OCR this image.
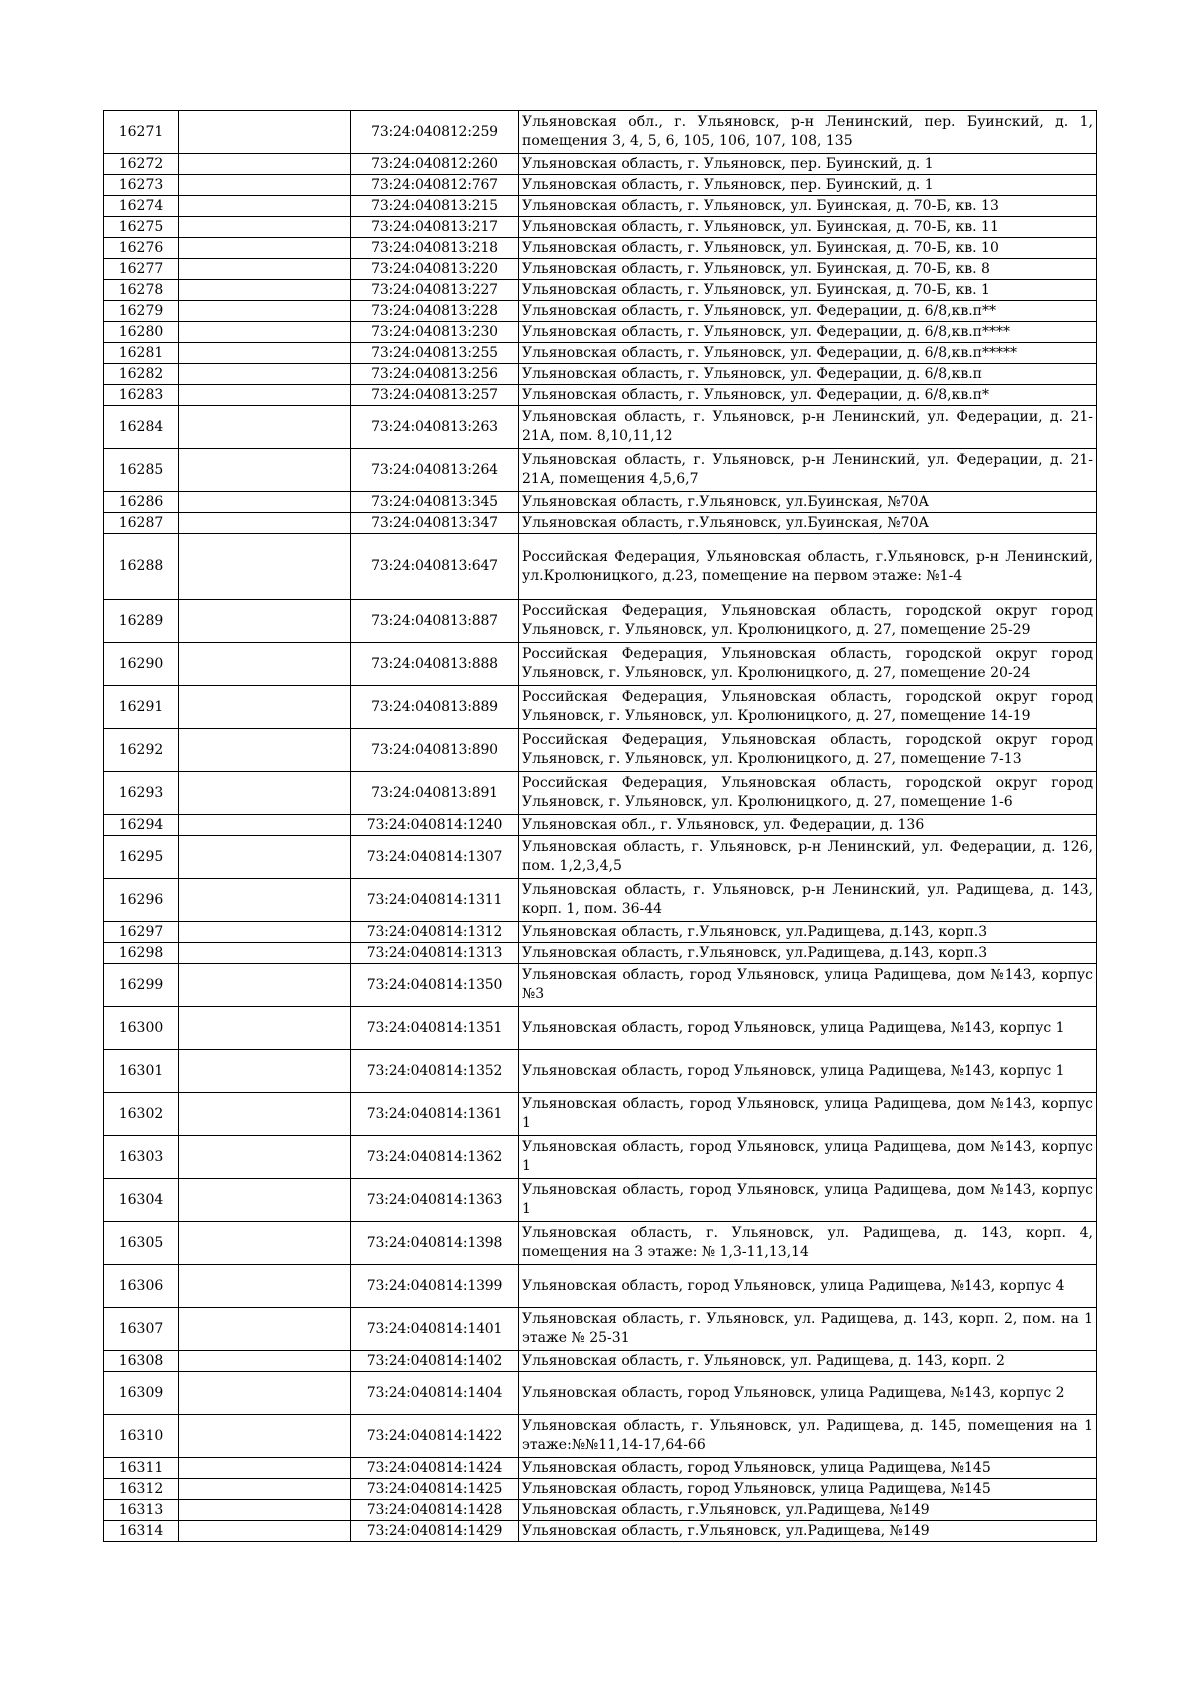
16271		73:24:040812:259	Ульяновская обл., г. Ульяновск, р-н Ленинский, пер. Буинский, д. 1, помещения 3, 4, 5, 6, 105, 106, 107, 108, 135
16272		73:24:040812:260	Ульяновская область, г. Ульяновск, пер. Буинский, д. 1
16273		73:24:040812:767	Ульяновская область, г. Ульяновск, пер. Буинский, д. 1
16274		73:24:040813:215	Ульяновская область, г. Ульяновск, ул. Буинская, д. 70-Б, кв. 13
16275		73:24:040813:217	Ульяновская область, г. Ульяновск, ул. Буинская, д. 70-Б, кв. 11
16276		73:24:040813:218	Ульяновская область, г. Ульяновск, ул. Буинская, д. 70-Б, кв. 10
16277		73:24:040813:220	Ульяновская область, г. Ульяновск, ул. Буинская, д. 70-Б, кв. 8
16278		73:24:040813:227	Ульяновская область, г. Ульяновск, ул. Буинская, д. 70-Б, кв. 1
16279		73:24:040813:228	Ульяновская область, г. Ульяновск, ул. Федерации, д. 6/8,кв.п**
16280		73:24:040813:230	Ульяновская область, г. Ульяновск, ул. Федерации, д. 6/8,кв.п****
16281		73:24:040813:255	Ульяновская область, г. Ульяновск, ул. Федерации, д. 6/8,кв.п*****
16282		73:24:040813:256	Ульяновская область, г. Ульяновск, ул. Федерации, д. 6/8,кв.п
16283		73:24:040813:257	Ульяновская область, г. Ульяновск, ул. Федерации, д. 6/8,кв.п*
16284		73:24:040813:263	Ульяновская область, г. Ульяновск, р-н Ленинский, ул. Федерации, д. 21-21А, пом. 8,10,11,12
16285		73:24:040813:264	Ульяновская область, г. Ульяновск, р-н Ленинский, ул. Федерации, д. 21-21А, помещения 4,5,6,7
16286		73:24:040813:345	Ульяновская область, г.Ульяновск, ул.Буинская, №70А
16287		73:24:040813:347	Ульяновская область, г.Ульяновск, ул.Буинская, №70А
16288		73:24:040813:647	Российская Федерация, Ульяновская область, г.Ульяновск, р-н Ленинский, ул.Кролюницкого, д.23, помещение на первом этаже: №1-4
16289		73:24:040813:887	Российская Федерация, Ульяновская область, городской округ город Ульяновск, г. Ульяновск, ул. Кролюницкого, д. 27, помещение 25-29
16290		73:24:040813:888	Российская Федерация, Ульяновская область, городской округ город Ульяновск, г. Ульяновск, ул. Кролюницкого, д. 27, помещение 20-24
16291		73:24:040813:889	Российская Федерация, Ульяновская область, городской округ город Ульяновск, г. Ульяновск, ул. Кролюницкого, д. 27, помещение 14-19
16292		73:24:040813:890	Российская Федерация, Ульяновская область, городской округ город Ульяновск, г. Ульяновск, ул. Кролюницкого, д. 27, помещение 7-13
16293		73:24:040813:891	Российская Федерация, Ульяновская область, городской округ город Ульяновск, г. Ульяновск, ул. Кролюницкого, д. 27, помещение 1-6
16294		73:24:040814:1240	Ульяновская обл., г. Ульяновск, ул. Федерации, д. 136
16295		73:24:040814:1307	Ульяновская область, г. Ульяновск, р-н Ленинский, ул. Федерации, д. 126, пом. 1,2,3,4,5
16296		73:24:040814:1311	Ульяновская область, г. Ульяновск, р-н Ленинский, ул. Радищева, д. 143, корп. 1, пом. 36-44
16297		73:24:040814:1312	Ульяновская область, г.Ульяновск, ул.Радищева, д.143, корп.3
16298		73:24:040814:1313	Ульяновская область, г.Ульяновск, ул.Радищева, д.143, корп.3
16299		73:24:040814:1350	Ульяновская область, город Ульяновск, улица Радищева, дом №143, корпус №3
16300		73:24:040814:1351	Ульяновская область, город Ульяновск, улица Радищева, №143, корпус 1
16301		73:24:040814:1352	Ульяновская область, город Ульяновск, улица Радищева, №143, корпус 1
16302		73:24:040814:1361	Ульяновская область, город Ульяновск, улица Радищева, дом №143, корпус 1
16303		73:24:040814:1362	Ульяновская область, город Ульяновск, улица Радищева, дом №143, корпус 1
16304		73:24:040814:1363	Ульяновская область, город Ульяновск, улица Радищева, дом №143, корпус 1
16305		73:24:040814:1398	Ульяновская область, г. Ульяновск, ул. Радищева, д. 143, корп. 4, помещения на 3 этаже: № 1,3-11,13,14
16306		73:24:040814:1399	Ульяновская область, город Ульяновск, улица Радищева, №143, корпус 4
16307		73:24:040814:1401	Ульяновская область, г. Ульяновск, ул. Радищева, д. 143, корп. 2, пом. на 1 этаже № 25-31
16308		73:24:040814:1402	Ульяновская область, г. Ульяновск, ул. Радищева, д. 143, корп. 2
16309		73:24:040814:1404	Ульяновская область, город Ульяновск, улица Радищева, №143, корпус 2
16310		73:24:040814:1422	Ульяновская область, г. Ульяновск, ул. Радищева, д. 145, помещения на 1 этаже:№№11,14-17,64-66
16311		73:24:040814:1424	Ульяновская область, город Ульяновск, улица Радищева, №145
16312		73:24:040814:1425	Ульяновская область, город Ульяновск, улица Радищева, №145
16313		73:24:040814:1428	Ульяновская область, г.Ульяновск, ул.Радищева, №149
16314		73:24:040814:1429	Ульяновская область, г.Ульяновск, ул.Радищева, №149
